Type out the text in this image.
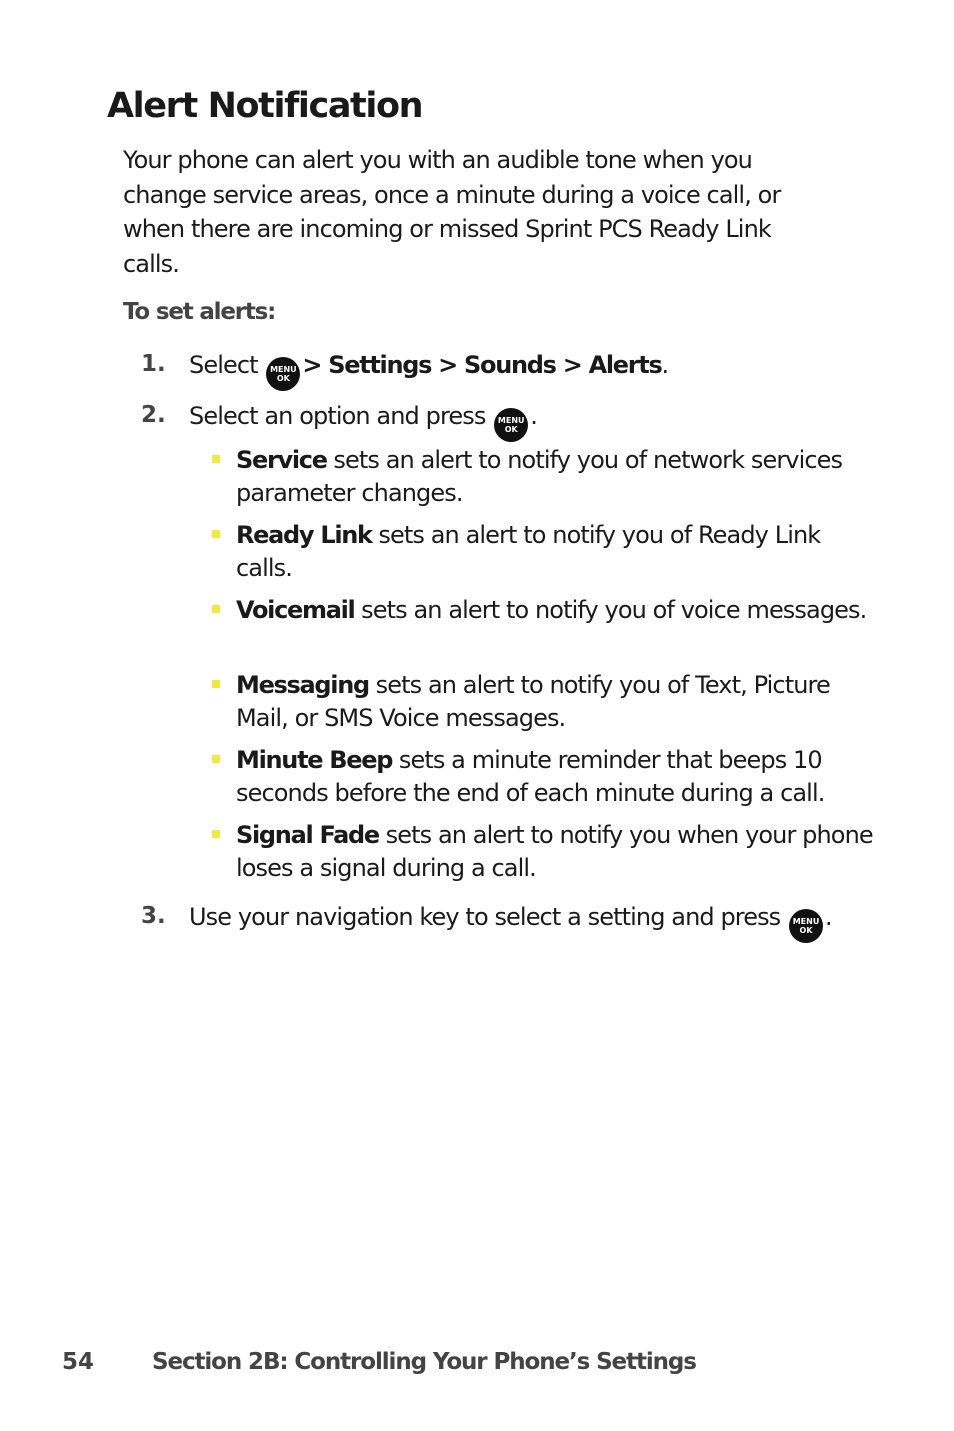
Alert Notification

Your phone can alert you with an audible tone when you change service areas, once a minute during a voice call, or when there are incoming or missed Sprint PCS Ready Link calls.

To set alerts:

1. Select MENU
OK > Settings > Sounds > Alerts.
2. Select an option and press MENU
OK .

Service sets an alert to notify you of network services parameter changes.

Ready Link sets an alert to notify you of Ready Link calls.

Voicemail sets an alert to notify you of voice messages.

Messaging sets an alert to notify you of Text, Picture Mail, or SMS Voice messages.

Minute Beep sets a minute reminder that beeps 10 seconds before the end of each minute during a call.

Signal Fade sets an alert to notify you when your phone loses a signal during a call.

3. Use your navigation key to select a setting and press MENU
OK .
54	Section 2B: Controlling Your Phone’s Settings
